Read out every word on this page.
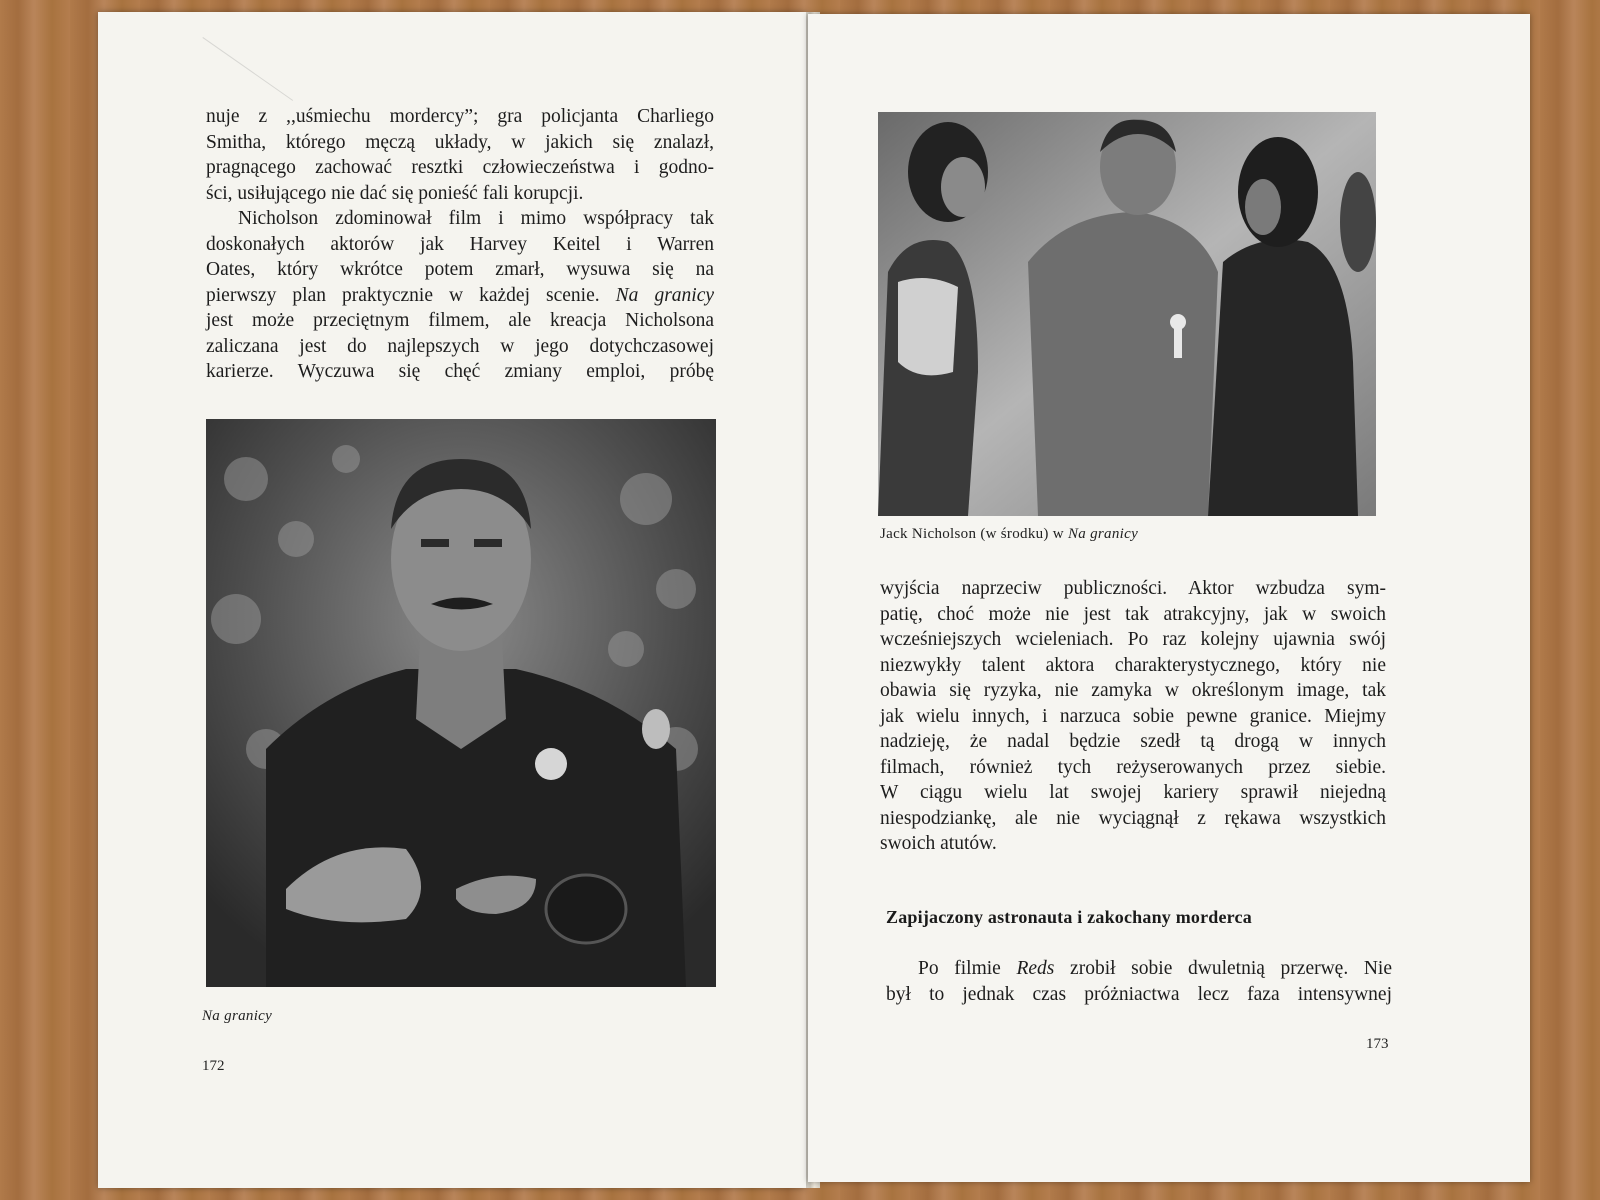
nuje z ,,uśmiechu mordercy”; gra policjanta Charliego
Smitha, którego męczą układy, w jakich się znalazł,
pragnącego zachować resztki człowieczeństwa i godno-
ści, usiłującego nie dać się ponieść fali korupcji.
Nicholson zdominował film i mimo współpracy tak
doskonałych aktorów jak Harvey Keitel i Warren
Oates, który wkrótce potem zmarł, wysuwa się na
pierwszy plan praktycznie w każdej scenie. Na granicy
jest może przeciętnym filmem, ale kreacja Nicholsona
zaliczana jest do najlepszych w jego dotychczasowej
karierze. Wyczuwa się chęć zmiany emploi, próbę
Na granicy
172
Jack Nicholson (w środku) w Na granicy
wyjścia naprzeciw publiczności. Aktor wzbudza sym-
patię, choć może nie jest tak atrakcyjny, jak w swoich
wcześniejszych wcieleniach. Po raz kolejny ujawnia swój
niezwykły talent aktora charakterystycznego, który nie
obawia się ryzyka, nie zamyka w określonym image, tak
jak wielu innych, i narzuca sobie pewne granice. Miejmy
nadzieję, że nadal będzie szedł tą drogą w innych
filmach, również tych reżyserowanych przez siebie.
W ciągu wielu lat swojej kariery sprawił niejedną
niespodziankę, ale nie wyciągnął z rękawa wszystkich
swoich atutów.
Zapijaczony astronauta i zakochany morderca
Po filmie Reds zrobił sobie dwuletnią przerwę. Nie
był to jednak czas próżniactwa lecz faza intensywnej
173
